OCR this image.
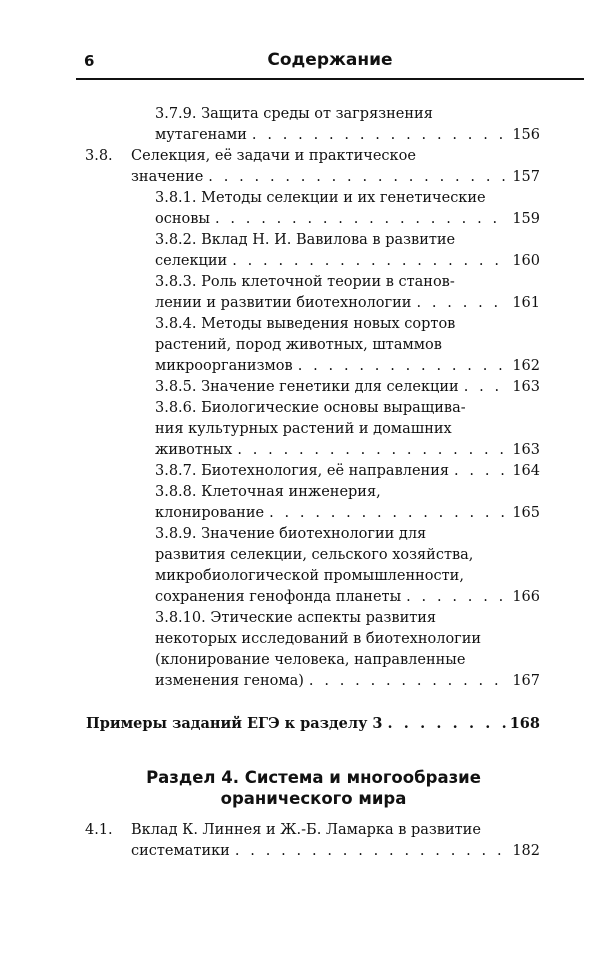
6	Содержание
3.7.9. Защита среды от загрязнения
мутагенами . . .	156
3.8. Селекция, её задачи и практическое
значение . . .	157
3.8.1. Методы селекции и их генетические
основы . . .	159
3.8.2. Вклад Н. И. Вавилова в развитие
селекции . . .	160
3.8.3. Роль клеточной теории в станов-
лении и развитии биотехнологии . . .	161
3.8.4. Методы выведения новых сортов
растений, пород животных, штаммов
микроорганизмов . . .	162
3.8.5. Значение генетики для селекции . . .	163
3.8.6. Биологические основы выращива-
ния культурных растений и домашних
животных . . .	163
3.8.7. Биотехнология, её направления . . .	164
3.8.8. Клеточная инженерия,
клонирование . . .	165
3.8.9. Значение биотехнологии для
развития селекции, сельского хозяйства,
микробиологической промышленности,
сохранения генофонда планеты . . .	166
3.8.10. Этические аспекты развития
некоторых исследований в биотехнологии
(клонирование человека, направленные
изменения генома) . . .	167
Примеры заданий ЕГЭ к разделу 3 . . .	168
Раздел 4. Система и многообразие
оранического мира
4.1. Вклад К. Линнея и Ж.-Б. Ламарка в развитие
систематики . . .	182
